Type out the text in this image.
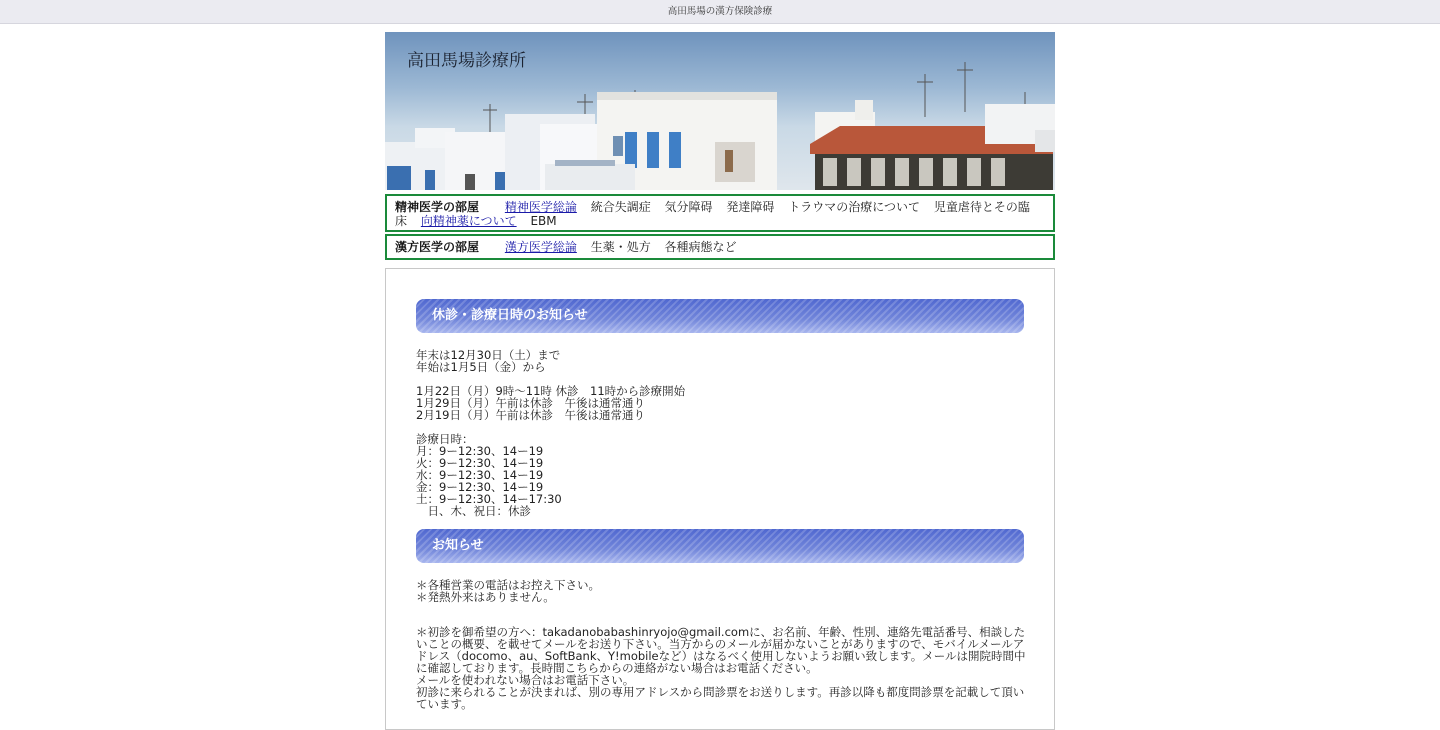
高田馬場の漢方保険診療
高田馬場診療所
精神医学の部屋 精神医学総論 統合失調症 気分障碍 発達障碍 トラウマの治療について 児童虐待とその臨床 向精神薬について EBM
漢方医学の部屋 漢方医学総論 生薬・処方 各種病態など
休診・診療日時のお知らせ
年末は12月30日（土）まで
年始は1月5日（金）から
1月22日（月）9時〜11時 休診　11時から診療開始
1月29日（月）午前は休診　午後は通常通り
2月19日（月）午前は休診　午後は通常通り
診療日時：
月：9ー12:30、14ー19
火：9ー12:30、14ー19
水：9ー12:30、14ー19
金：9ー12:30、14ー19
土：9ー12:30、14ー17:30
　日、木、祝日：休診
お知らせ
＊各種営業の電話はお控え下さい。
＊発熱外来はありません。
＊初診を御希望の方へ：takadanobabashinryojo@gmail.comに、お名前、年齢、性別、連絡先電話番号、相談したいことの概要、を載せてメールをお送り下さい。当方からのメールが届かないことがありますので、モバイルメールアドレス（docomo、au、SoftBank、Y!mobileなど）はなるべく使用しないようお願い致します。メールは開院時間中に確認しております。長時間こちらからの連絡がない場合はお電話ください。
メールを使われない場合はお電話下さい。
初診に来られることが決まれば、別の専用アドレスから問診票をお送りします。再診以降も都度問診票を記載して頂いています。
